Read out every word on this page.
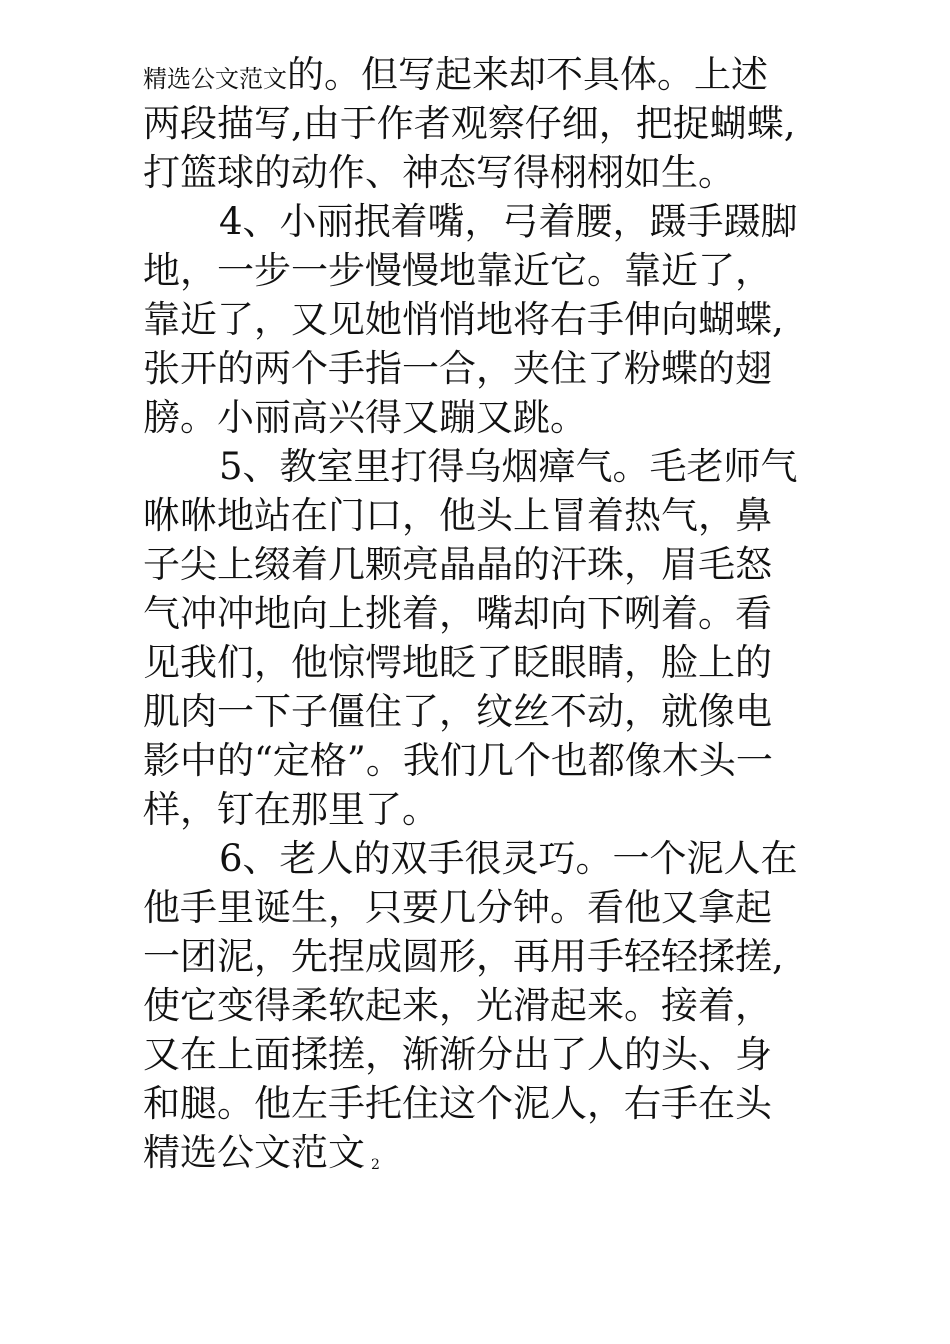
精选公文范文的。但写起来却不具体。上述
两段描写,由于作者观察仔细，把捉蝴蝶,
打篮球的动作、神态写得栩栩如生。
4、小丽抿着嘴，弓着腰，蹑手蹑脚
地，一步一步慢慢地靠近它。靠近了，
靠近了，又见她悄悄地将右手伸向蝴蝶,
张开的两个手指一合，夹住了粉蝶的翅
膀。小丽高兴得又蹦又跳。
5、教室里打得乌烟瘴气。毛老师气
咻咻地站在门口，他头上冒着热气，鼻
子尖上缀着几颗亮晶晶的汗珠，眉毛怒
气冲冲地向上挑着，嘴却向下咧着。看
见我们，他惊愕地眨了眨眼睛，脸上的
肌肉一下子僵住了，纹丝不动，就像电
影中的“定格”。我们几个也都像木头一
样，钉在那里了。
6、老人的双手很灵巧。一个泥人在
他手里诞生，只要几分钟。看他又拿起
一团泥，先捏成圆形，再用手轻轻揉搓,
使它变得柔软起来，光滑起来。接着，
又在上面揉搓，渐渐分出了人的头、身
和腿。他左手托住这个泥人，右手在头
精选公文范文 2
